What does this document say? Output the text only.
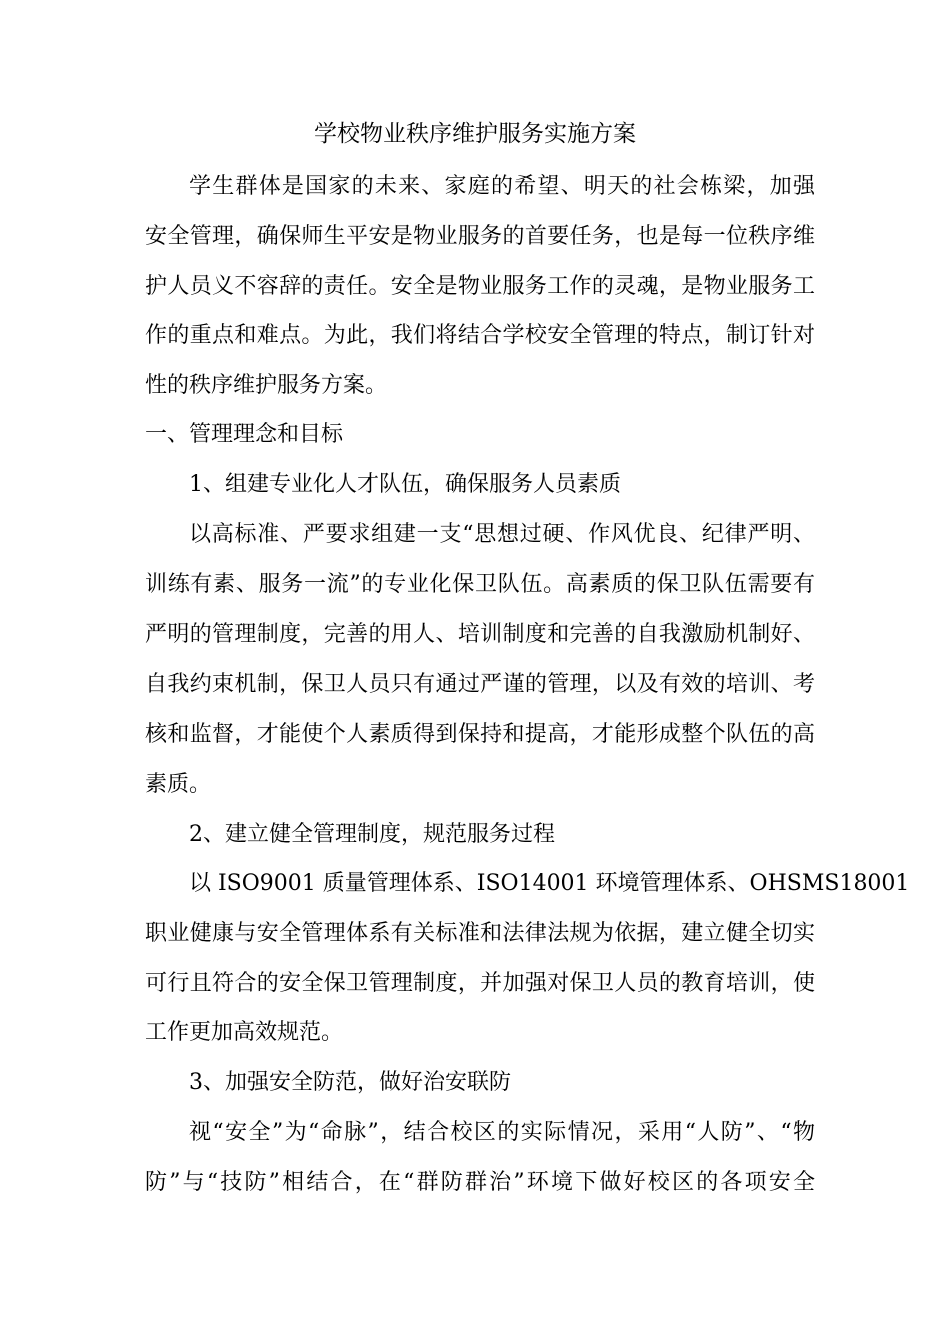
学校物业秩序维护服务实施方案

学生群体是国家的未来、家庭的希望、明天的社会栋梁，加强

安全管理，确保师生平安是物业服务的首要任务，也是每一位秩序维

护人员义不容辞的责任。安全是物业服务工作的灵魂，是物业服务工

作的重点和难点。为此，我们将结合学校安全管理的特点，制订针对

性的秩序维护服务方案。

一、管理理念和目标

1、组建专业化人才队伍，确保服务人员素质

以高标准、严要求组建一支“思想过硬、作风优良、纪律严明、

训练有素、服务一流”的专业化保卫队伍。高素质的保卫队伍需要有

严明的管理制度，完善的用人、培训制度和完善的自我激励机制好、

自我约束机制，保卫人员只有通过严谨的管理，以及有效的培训、考

核和监督，才能使个人素质得到保持和提高，才能形成整个队伍的高

素质。

2、建立健全管理制度，规范服务过程

以 ISO9001 质量管理体系、ISO14001 环境管理体系、OHSMS18001

职业健康与安全管理体系有关标准和法律法规为依据，建立健全切实

可行且符合的安全保卫管理制度，并加强对保卫人员的教育培训，使

工作更加高效规范。

3、加强安全防范，做好治安联防

视“安全”为“命脉”，结合校区的实际情况，采用“人防”、“物

防”与“技防”相结合，在“群防群治”环境下做好校区的各项安全
